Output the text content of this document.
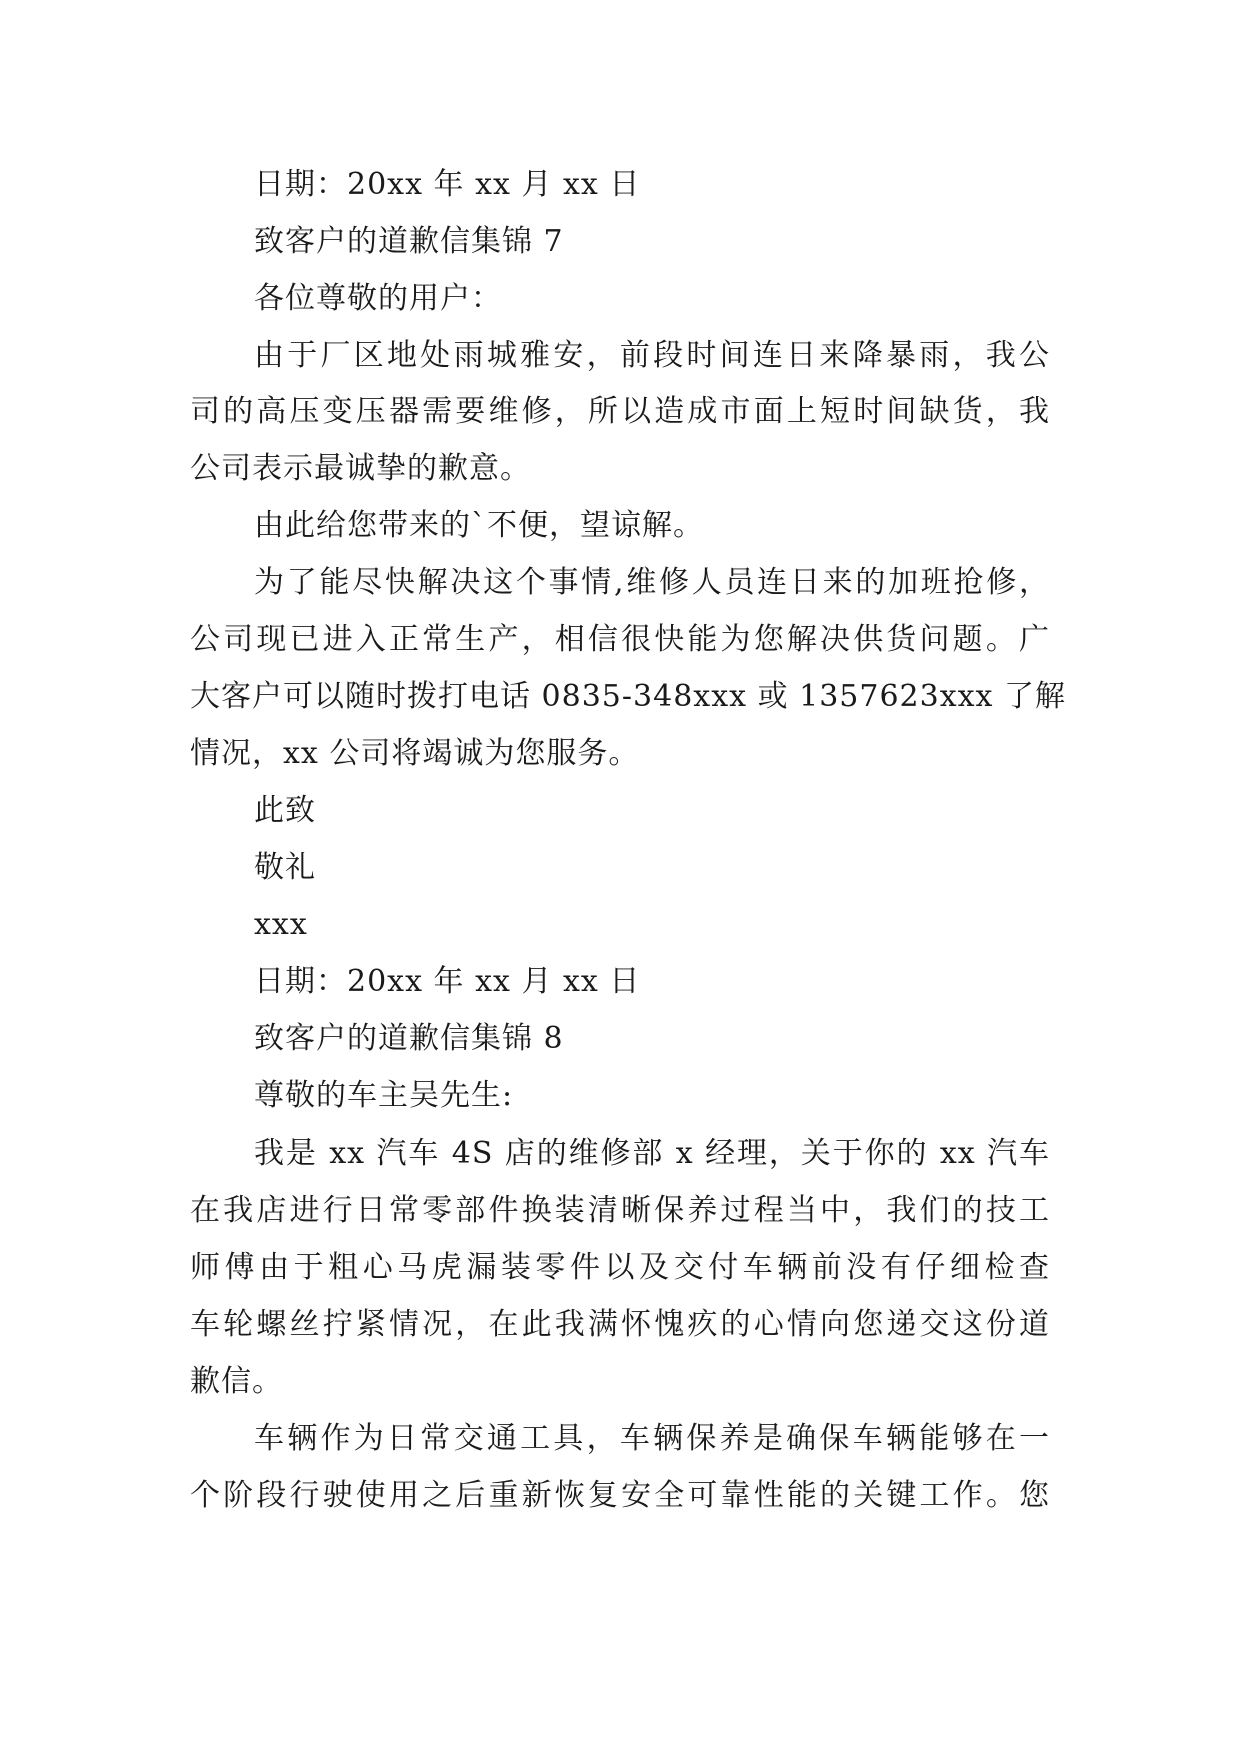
日期：20xx 年 xx 月 xx 日
致客户的道歉信集锦 7
各位尊敬的用户：
由于厂区地处雨城雅安，前段时间连日来降暴雨，我公
司的高压变压器需要维修，所以造成市面上短时间缺货，我
公司表示最诚挚的歉意。
由此给您带来的`不便，望谅解。
为了能尽快解决这个事情,维修人员连日来的加班抢修，
公司现已进入正常生产，相信很快能为您解决供货问题。广
大客户可以随时拨打电话 0835-348xxx 或 1357623xxx 了解
情况，xx 公司将竭诚为您服务。
此致
敬礼
xxx
日期：20xx 年 xx 月 xx 日
致客户的道歉信集锦 8
尊敬的车主吴先生:
我是 xx 汽车 4S 店的维修部 x 经理，关于你的 xx 汽车
在我店进行日常零部件换装清晰保养过程当中，我们的技工
师傅由于粗心马虎漏装零件以及交付车辆前没有仔细检查
车轮螺丝拧紧情况，在此我满怀愧疚的心情向您递交这份道
歉信。
车辆作为日常交通工具，车辆保养是确保车辆能够在一
个阶段行驶使用之后重新恢复安全可靠性能的关键工作。您
